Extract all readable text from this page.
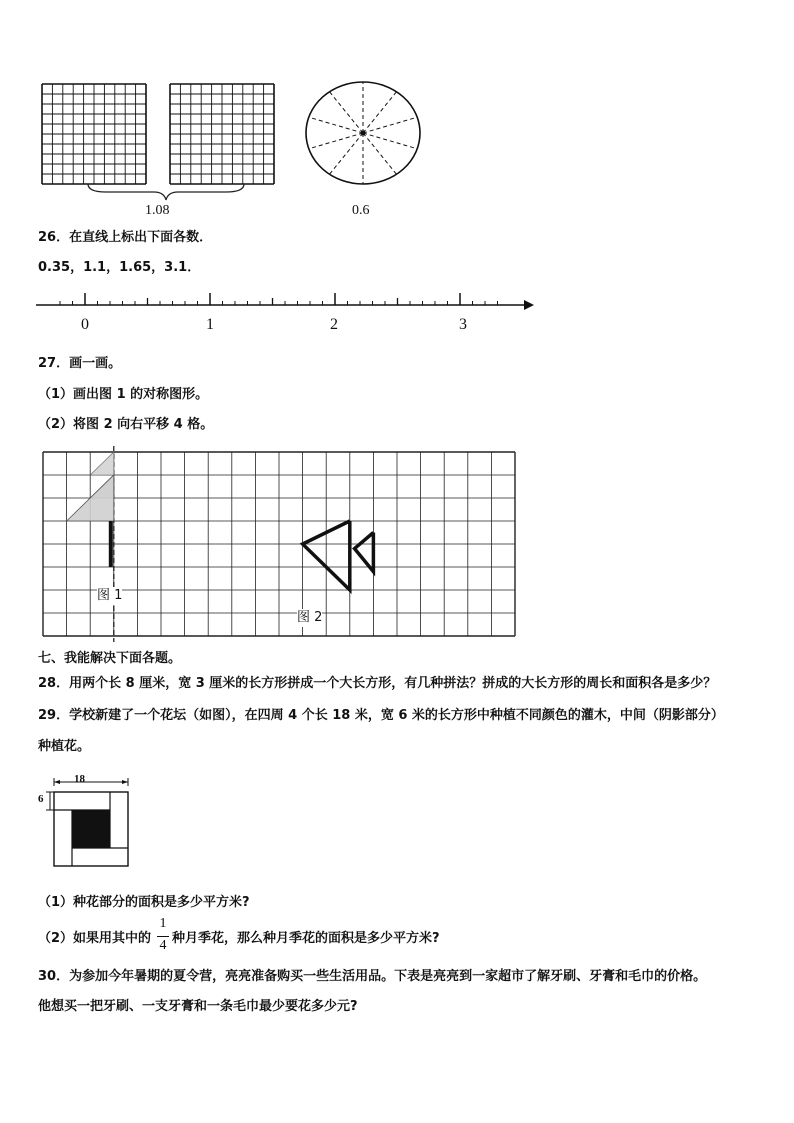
1.08	0.6
26．在直线上标出下面各数．
0.35，1.1，1.65，3.1．
0	1	2	3
27．画一画。
（1）画出图 1 的对称图形。
（2）将图 2 向右平移 4 格。
图 1
图 2
七、我能解决下面各题。
28．用两个长 8 厘米，宽 3 厘米的长方形拼成一个大长方形，有几种拼法？拼成的大长方形的周长和面积各是多少？
29．学校新建了一个花坛（如图），在四周 4 个长 18 米，宽 6 米的长方形中种植不同颜色的灌木，中间（阴影部分）
种植花。
18
6
（1）种花部分的面积是多少平方米?
（2）如果用其中的
1
4 种月季花，那么种月季花的面积是多少平方米?
30．为参加今年暑期的夏令营，亮亮准备购买一些生活用品。下表是亮亮到一家超市了解牙刷、牙膏和毛巾的价格。
他想买一把牙刷、一支牙膏和一条毛巾最少要花多少元?
